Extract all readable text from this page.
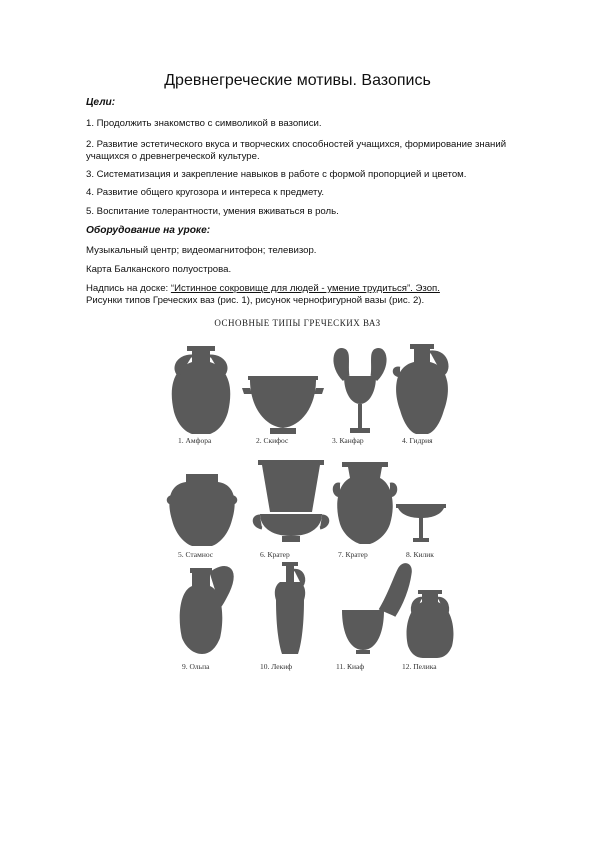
Древнегреческие мотивы. Вазопись
Цели:
1. Продолжить знакомство с символикой в вазописи.
2. Развитие эстетического вкуса и творческих способностей учащихся, формирование знаний учащихся о древнегреческой культуре.
3. Систематизация и закрепление навыков в работе с формой пропорцией и цветом.
4. Развитие общего кругозора и интереса к предмету.
5. Воспитание толерантности, умения вживаться в роль.
Оборудование на уроке:
Музыкальный центр; видеомагнитофон; телевизор.
Карта Балканского полуострова.
Надпись на доске: “Истинное сокровище для людей - умение трудиться”. Эзоп.
Рисунки типов Греческих ваз (рис. 1), рисунок чернофигурной вазы (рис. 2).
ОСНОВНЫЕ ТИПЫ ГРЕЧЕСКИХ ВАЗ
1. Амфора	2. Скифос	3. Канфар	4. Гидрия
5. Стамнос	6. Кратер	7. Кратер	8. Килик
9. Ольпа	10. Лекиф	11. Киаф	12. Пелика
